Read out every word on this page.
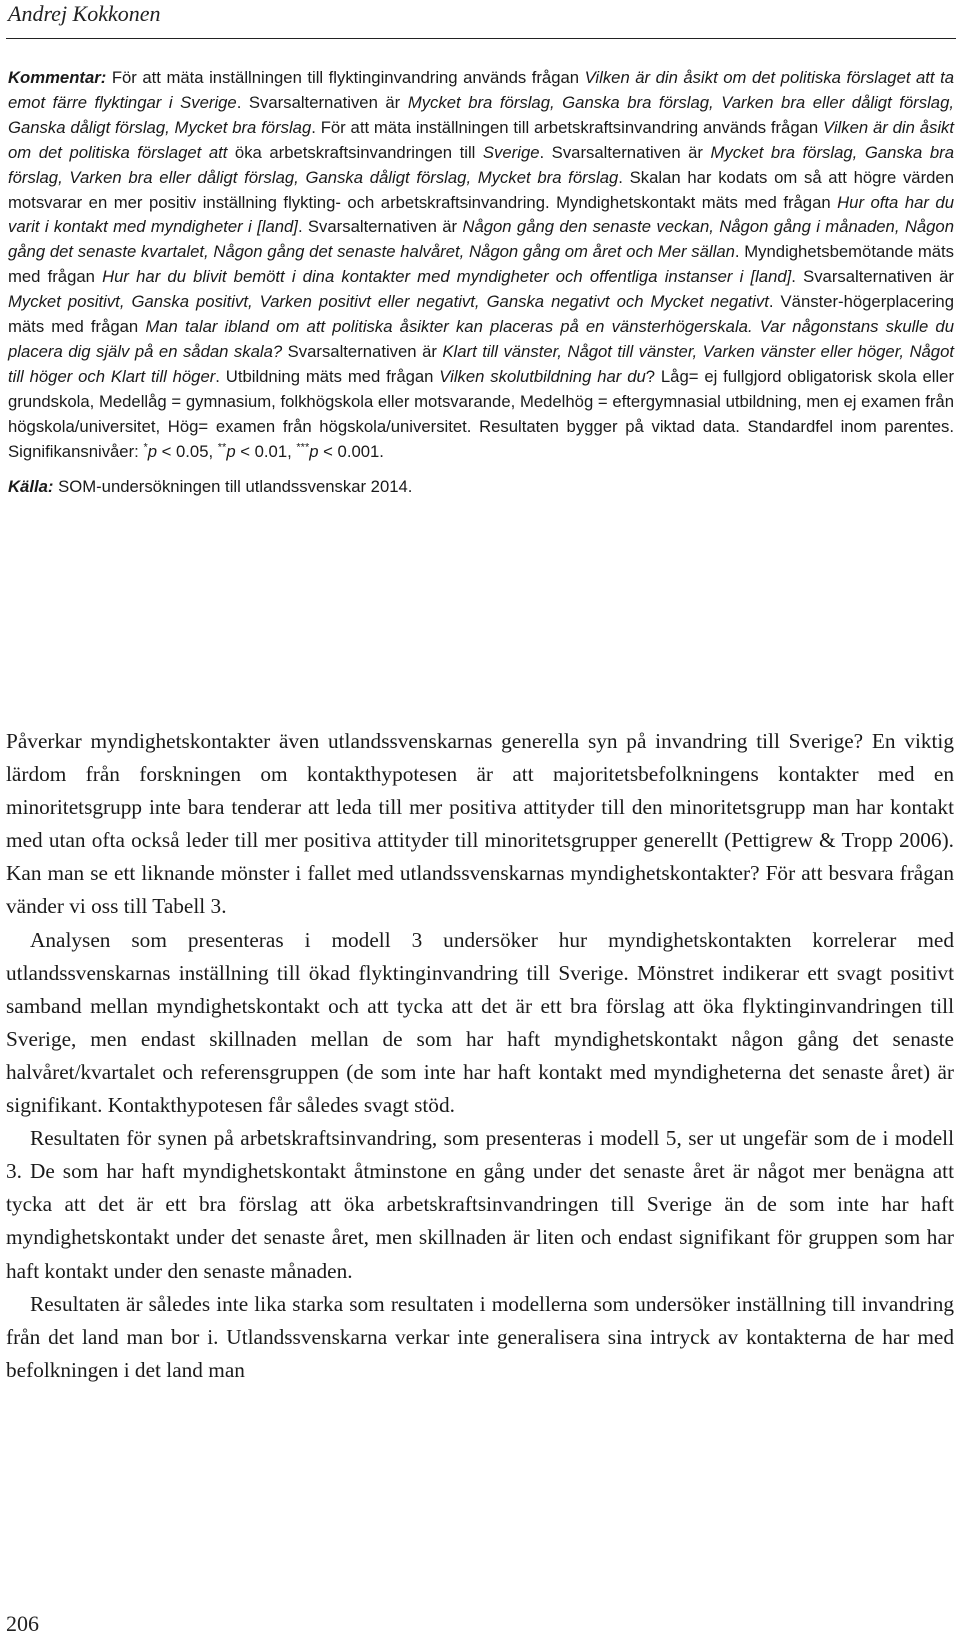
Andrej Kokkonen

Kommentar: För att mäta inställningen till flyktinginvandring används frågan Vilken är din åsikt om det politiska förslaget att ta emot färre flyktingar i Sverige. Svarsalternativen är Mycket bra förslag, Ganska bra förslag, Varken bra eller dåligt förslag, Ganska dåligt förslag, Mycket bra förslag. För att mäta inställningen till arbetskraftsinvandring används frågan Vilken är din åsikt om det politiska förslaget att öka arbetskraftsinvandringen till Sverige. Svarsalternativen är Mycket bra förslag, Ganska bra förslag, Varken bra eller dåligt förslag, Ganska dåligt förslag, Mycket bra förslag. Skalan har kodats om så att högre värden motsvarar en mer positiv inställning flykting- och arbetskraftsinvandring. Myndighetskontakt mäts med frågan Hur ofta har du varit i kontakt med myndigheter i [land]. Svarsalternativen är Någon gång den senaste veckan, Någon gång i månaden, Någon gång det senaste kvartalet, Någon gång det senaste halvåret, Någon gång om året och Mer sällan. Myndighetsbemötande mäts med frågan Hur har du blivit bemött i dina kontakter med myndigheter och offentliga instanser i [land]. Svarsalternativen är Mycket positivt, Ganska positivt, Varken positivt eller negativt, Ganska negativt och Mycket negativt. Vänster-högerplacering mäts med frågan Man talar ibland om att politiska åsikter kan placeras på en vänsterhögerskala. Var någonstans skulle du placera dig själv på en sådan skala? Svarsalternativen är Klart till vänster, Något till vänster, Varken vänster eller höger, Något till höger och Klart till höger. Utbildning mäts med frågan Vilken skolutbildning har du? Låg= ej fullgjord obligatorisk skola eller grundskola, Medellåg = gymnasium, folkhögskola eller motsvarande, Medelhög = eftergymnasial utbildning, men ej examen från högskola/universitet, Hög= examen från högskola/universitet. Resultaten bygger på viktad data. Standardfel inom parentes. Signifikansnivåer: *p < 0.05, **p < 0.01, ***p < 0.001.

Källa: SOM-undersökningen till utlandssvenskar 2014.

Påverkar myndighetskontakter även utlandssvenskarnas generella syn på invandring till Sverige? En viktig lärdom från forskningen om kontakthypotesen är att majoritetsbefolkningens kontakter med en minoritetsgrupp inte bara tenderar att leda till mer positiva attityder till den minoritetsgrupp man har kontakt med utan ofta också leder till mer positiva attityder till minoritetsgrupper generellt (Pettigrew & Tropp 2006). Kan man se ett liknande mönster i fallet med utlandssvenskarnas myndighetskontakter? För att besvara frågan vänder vi oss till Tabell 3.

Analysen som presenteras i modell 3 undersöker hur myndighetskontakten korrelerar med utlandssvenskarnas inställning till ökad flyktinginvandring till Sverige. Mönstret indikerar ett svagt positivt samband mellan myndighetskontakt och att tycka att det är ett bra förslag att öka flyktinginvandringen till Sverige, men endast skillnaden mellan de som har haft myndighetskontakt någon gång det senaste halvåret/kvartalet och referensgruppen (de som inte har haft kontakt med myndigheterna det senaste året) är signifikant. Kontakthypotesen får således svagt stöd.

Resultaten för synen på arbetskraftsinvandring, som presenteras i modell 5, ser ut ungefär som de i modell 3. De som har haft myndighetskontakt åtminstone en gång under det senaste året är något mer benägna att tycka att det är ett bra förslag att öka arbetskraftsinvandringen till Sverige än de som inte har haft myndighetskontakt under det senaste året, men skillnaden är liten och endast signifikant för gruppen som har haft kontakt under den senaste månaden.

Resultaten är således inte lika starka som resultaten i modellerna som undersöker inställning till invandring från det land man bor i. Utlandssvenskarna verkar inte generalisera sina intryck av kontakterna de har med befolkningen i det land man

206
